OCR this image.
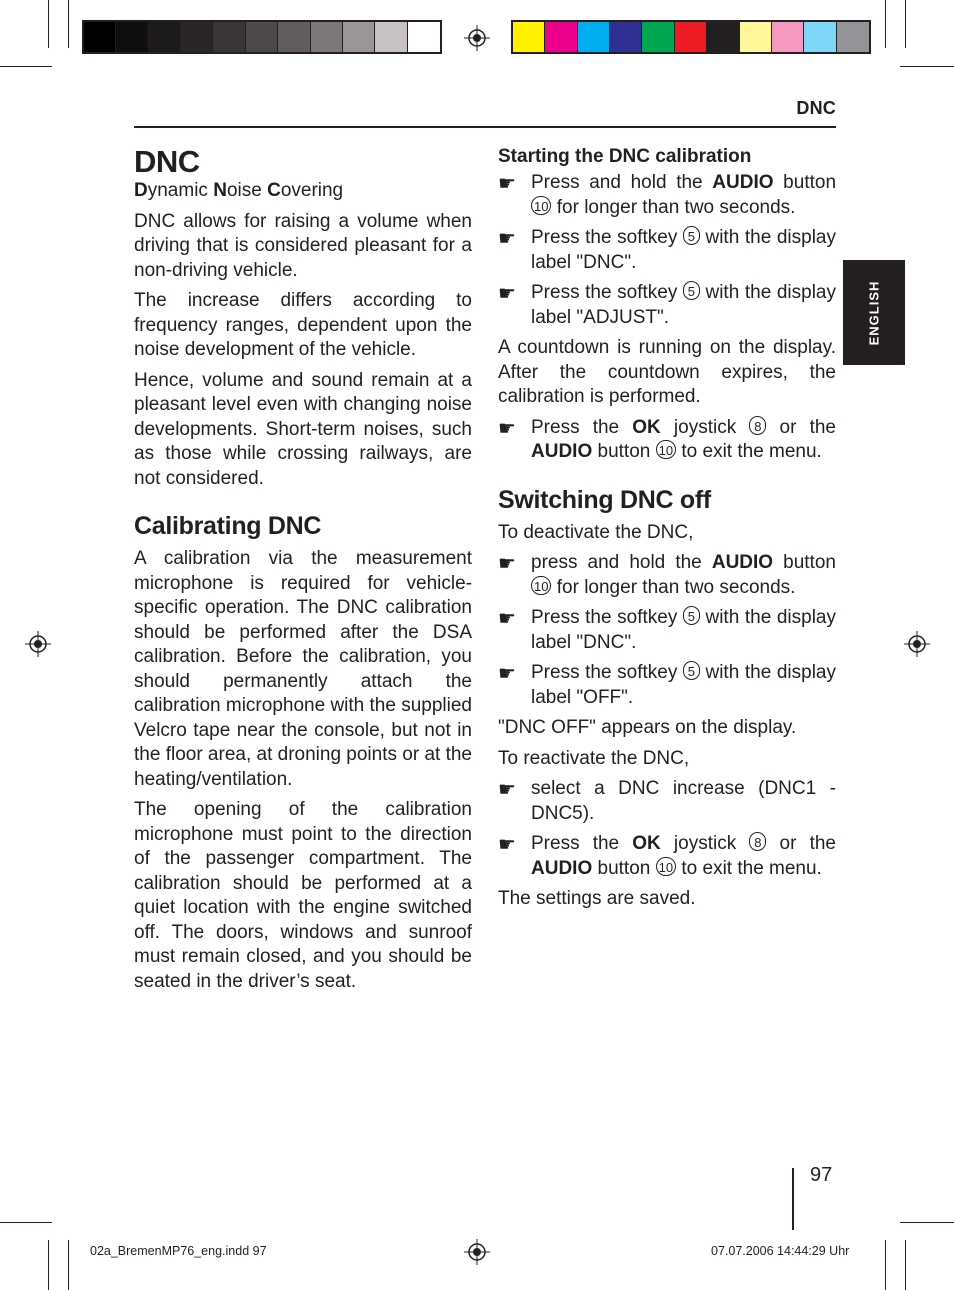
DNC
ENGLISH
DNC

Dynamic Noise Covering

DNC allows for raising a volume when driving that is considered pleasant for a non-driving vehicle.

The increase differs according to frequency ranges, dependent upon the noise development of the vehicle.

Hence, volume and sound remain at a pleasant level even with changing noise developments. Short-term noises, such as those while crossing railways, are not considered.

Calibrating DNC

A calibration via the measurement microphone is required for vehicle-specific operation. The DNC calibration should be performed after the DSA calibration. Before the calibration, you should permanently attach the calibration microphone with the supplied Velcro tape near the console, but not in the floor area, at droning points or at the heating/ventilation.

The opening of the calibration microphone must point to the direction of the passenger compartment. The calibration should be performed at a quiet location with the engine switched off. The doors, windows and sunroof must remain closed, and you should be seated in the driver’s seat.

Starting the DNC calibration
☛ Press and hold the AUDIO button 10 for longer than two seconds.
☛ Press the softkey 5 with the display label "DNC".
☛ Press the softkey 5 with the display label "ADJUST".

A countdown is running on the display. After the countdown expires, the calibration is performed.

☛ Press the OK joystick 8 or the AUDIO button 10 to exit the menu.
Switching DNC off

To deactivate the DNC,

☛ press and hold the AUDIO button 10 for longer than two seconds.
☛ Press the softkey 5 with the display label "DNC".
☛ Press the softkey 5 with the display label "OFF".

"DNC OFF" appears on the display.

To reactivate the DNC,

☛ select a DNC increase (DNC1 - DNC5).
☛ Press the OK joystick 8 or the AUDIO button 10 to exit the menu.

The settings are saved.

97
02a_BremenMP76_eng.indd 97	07.07.2006 14:44:29 Uhr
